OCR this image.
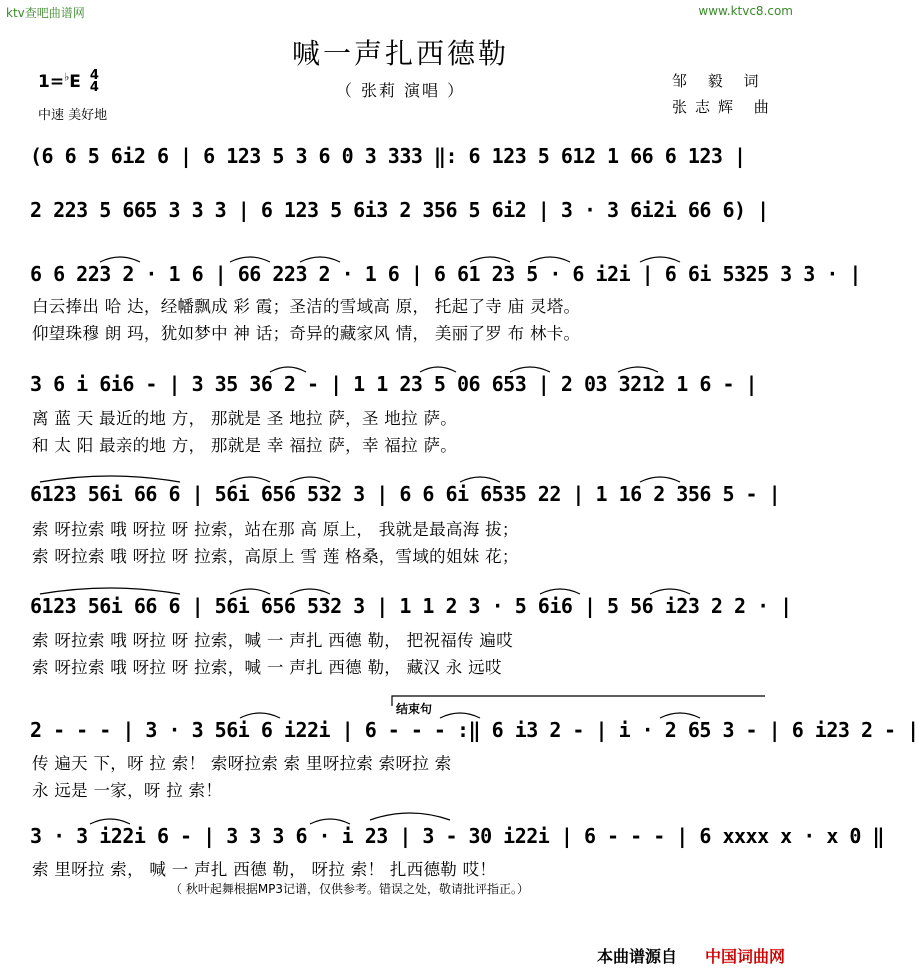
ktv查吧曲谱网	www.ktvc8.com
喊一声扎西德勒
（ 张莉 演唱 ）
1=♭E 4
4
中速 美好地
邹 毅 词
张志辉 曲
(6 6 5 6i2 6 | 6 123 5 3 6 0 3 333 ‖: 6 123 5 612 1 66 6 123 |
2 223 5 665 3 3 3 | 6 123 5 6i3 2 356 5 6i2 | 3 · 3 6i2i 66 6) |
6 6 223 2 · 1 6 | 66 223 2 · 1 6 | 6 61 23 5 · 6 i2i | 6 6i 5325 3 3 · |
白云捧出 哈 达，经幡飘成 彩 霞；圣洁的雪域高 原， 托起了寺 庙 灵塔。
仰望珠穆 朗 玛，犹如梦中 神 话；奇异的藏家风 情， 美丽了罗 布 林卡。
3 6 i 6i6 - | 3 35 36 2 - | 1 1 23 5 06 653 | 2 03 3212 1 6 - |
离 蓝 天 最近的地 方， 那就是 圣 地拉 萨，圣 地拉 萨。
和 太 阳 最亲的地 方， 那就是 幸 福拉 萨，幸 福拉 萨。
6123 56i 66 6 | 56i 656 532 3 | 6 6 6i 6535 22 | 1 16 2 356 5 - |
索 呀拉索 哦 呀拉 呀 拉索，站在那 高 原上， 我就是最高海 拔；
索 呀拉索 哦 呀拉 呀 拉索，高原上 雪 莲 格桑，雪域的姐妹 花；
6123 56i 66 6 | 56i 656 532 3 | 1 1 2 3 · 5 6i6 | 5 56 i23 2 2 · |
索 呀拉索 哦 呀拉 呀 拉索，喊 一 声扎 西德 勒， 把祝福传 遍哎
索 呀拉索 哦 呀拉 呀 拉索，喊 一 声扎 西德 勒， 藏汉 永 远哎
结束句
2 - - - | 3 · 3 56i 6 i22i | 6 - - - :‖ 6 i3 2 - | i · 2 65 3 - | 6 i23 2 - |
传 遍天 下，呀 拉 索！ 索呀拉索 索 里呀拉索 索呀拉 索
永 远是 一家，呀 拉 索！
3 · 3 i22i 6 - | 3 3 3 6 · i 23 | 3 - 30 i22i | 6 - - - | 6 xxxx x · x 0 ‖
索 里呀拉 索， 喊 一 声扎 西德 勒， 呀拉 索！ 扎西德勒 哎！
（ 秋叶起舞根据MP3记谱，仅供参考。错误之处，敬请批评指正。）
本曲谱源自 中国词曲网
